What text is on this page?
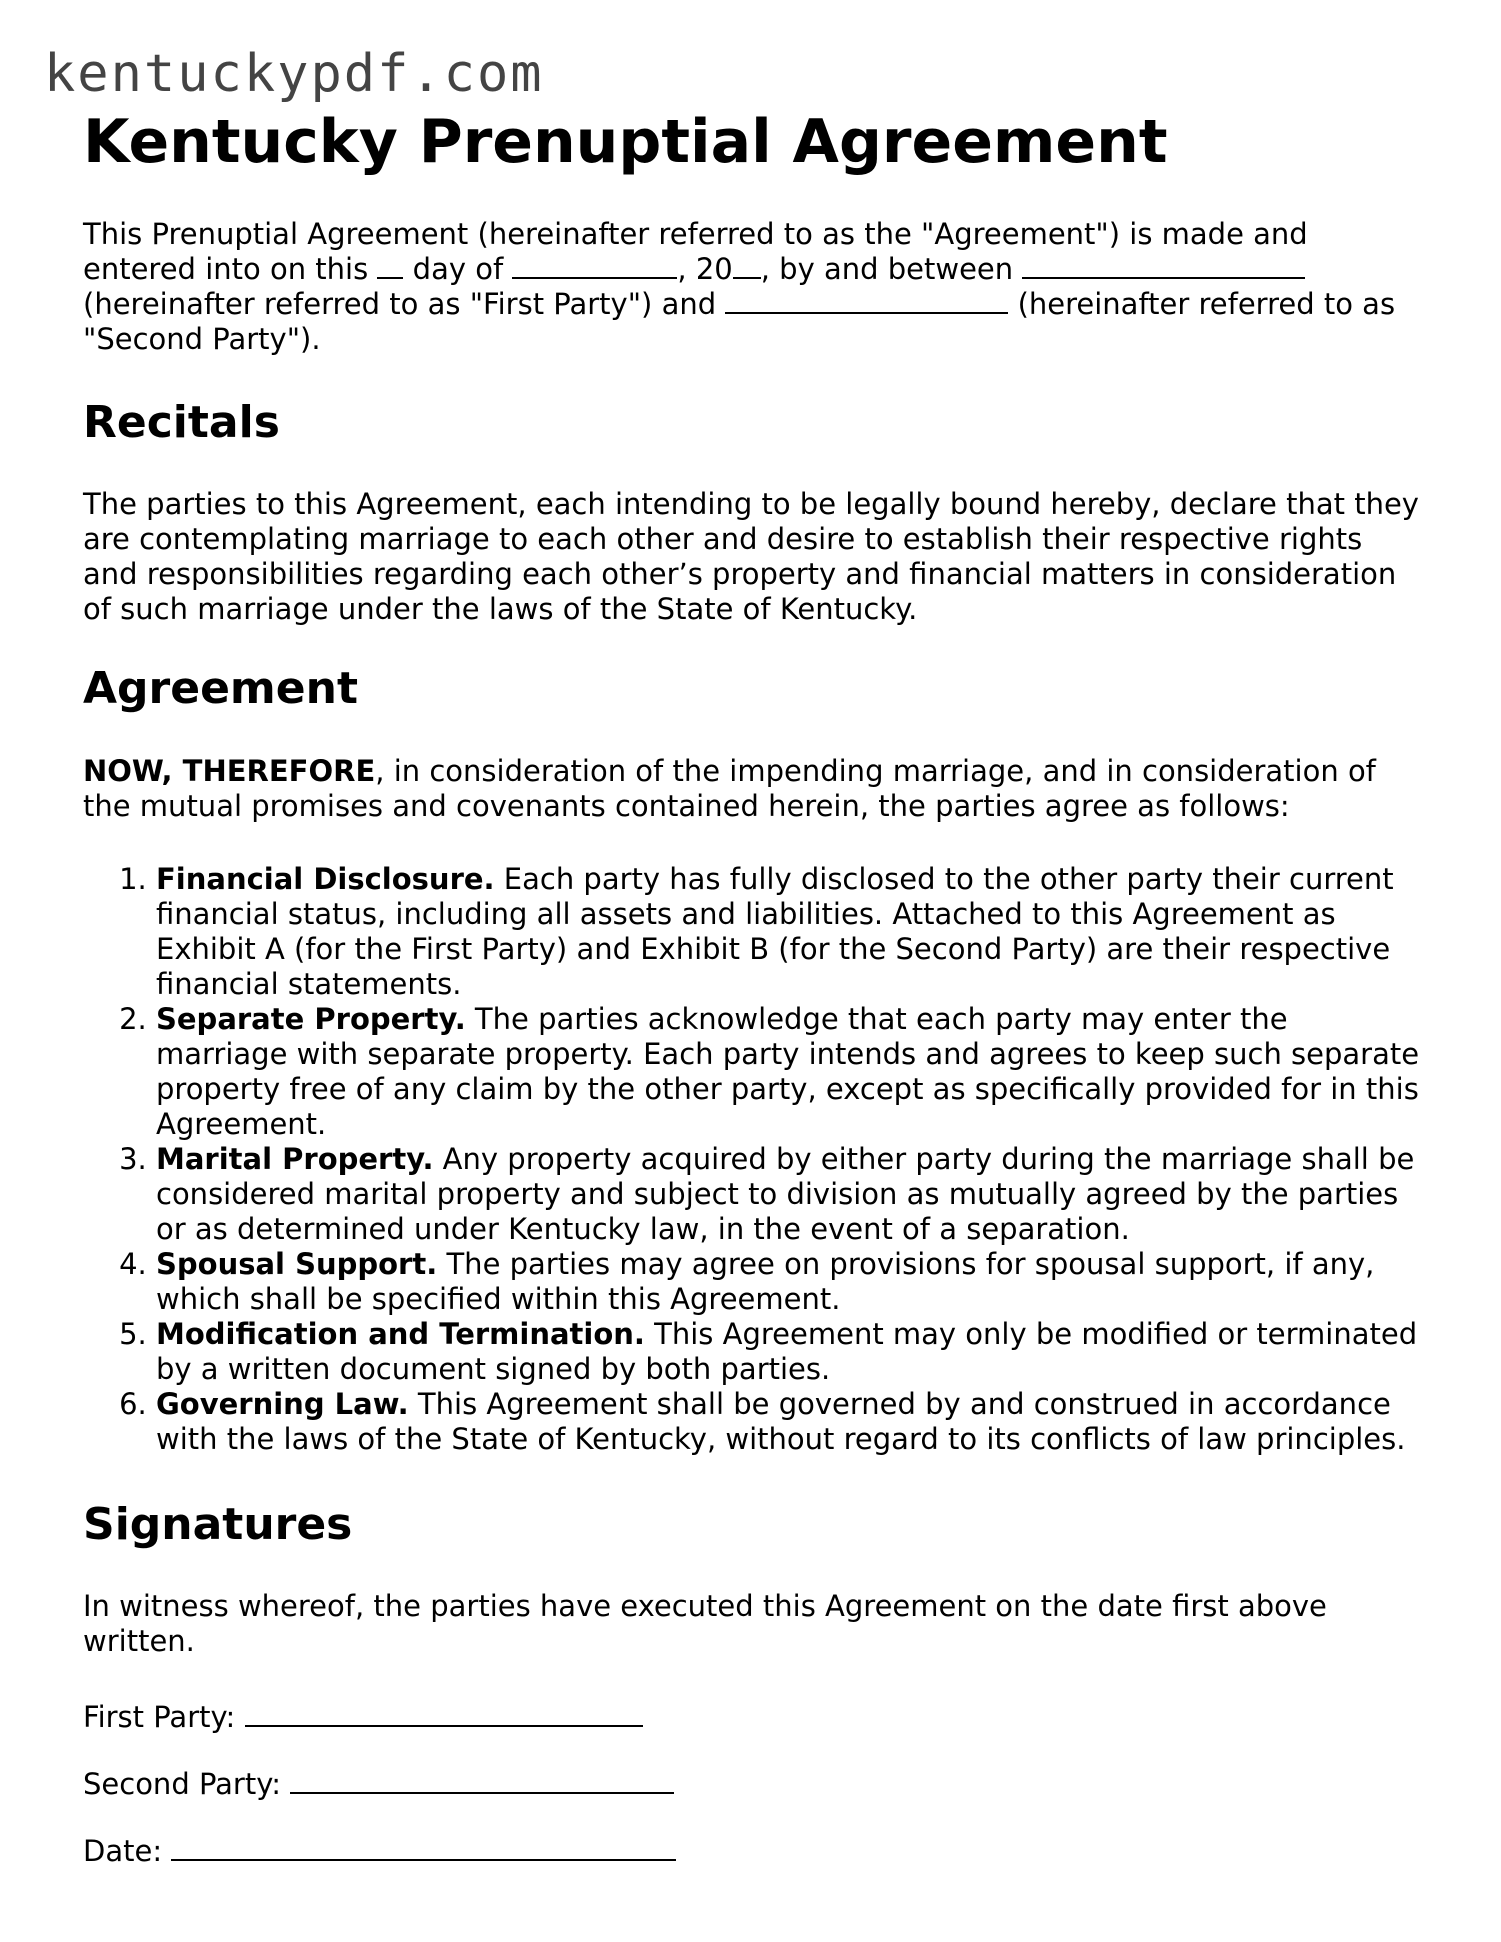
kentuckypdf.com
Kentucky Prenuptial Agreement

This Prenuptial Agreement (hereinafter referred to as the "Agreement") is made and entered into on this  day of	, 20 , by and between  (hereinafter referred to as "First Party") and	(hereinafter referred to as "Second Party").

Recitals

The parties to this Agreement, each intending to be legally bound hereby, declare that they are contemplating marriage to each other and desire to establish their respective rights and responsibilities regarding each other’s property and financial matters in consideration of such marriage under the laws of the State of Kentucky.

Agreement

NOW, THEREFORE, in consideration of the impending marriage, and in consideration of the mutual promises and covenants contained herein, the parties agree as follows:

1. Financial Disclosure. Each party has fully disclosed to the other party their current financial status, including all assets and liabilities. Attached to this Agreement as Exhibit A (for the First Party) and Exhibit B (for the Second Party) are their respective financial statements.
2. Separate Property. The parties acknowledge that each party may enter the marriage with separate property. Each party intends and agrees to keep such separate property free of any claim by the other party, except as specifically provided for in this Agreement.
3. Marital Property. Any property acquired by either party during the marriage shall be considered marital property and subject to division as mutually agreed by the parties or as determined under Kentucky law, in the event of a separation.
4. Spousal Support. The parties may agree on provisions for spousal support, if any, which shall be specified within this Agreement.
5. Modification and Termination. This Agreement may only be modified or terminated by a written document signed by both parties.
6. Governing Law. This Agreement shall be governed by and construed in accordance with the laws of the State of Kentucky, without regard to its conflicts of law principles.
Signatures

In witness whereof, the parties have executed this Agreement on the date first above written.

First Party:
Second Party:
Date:
